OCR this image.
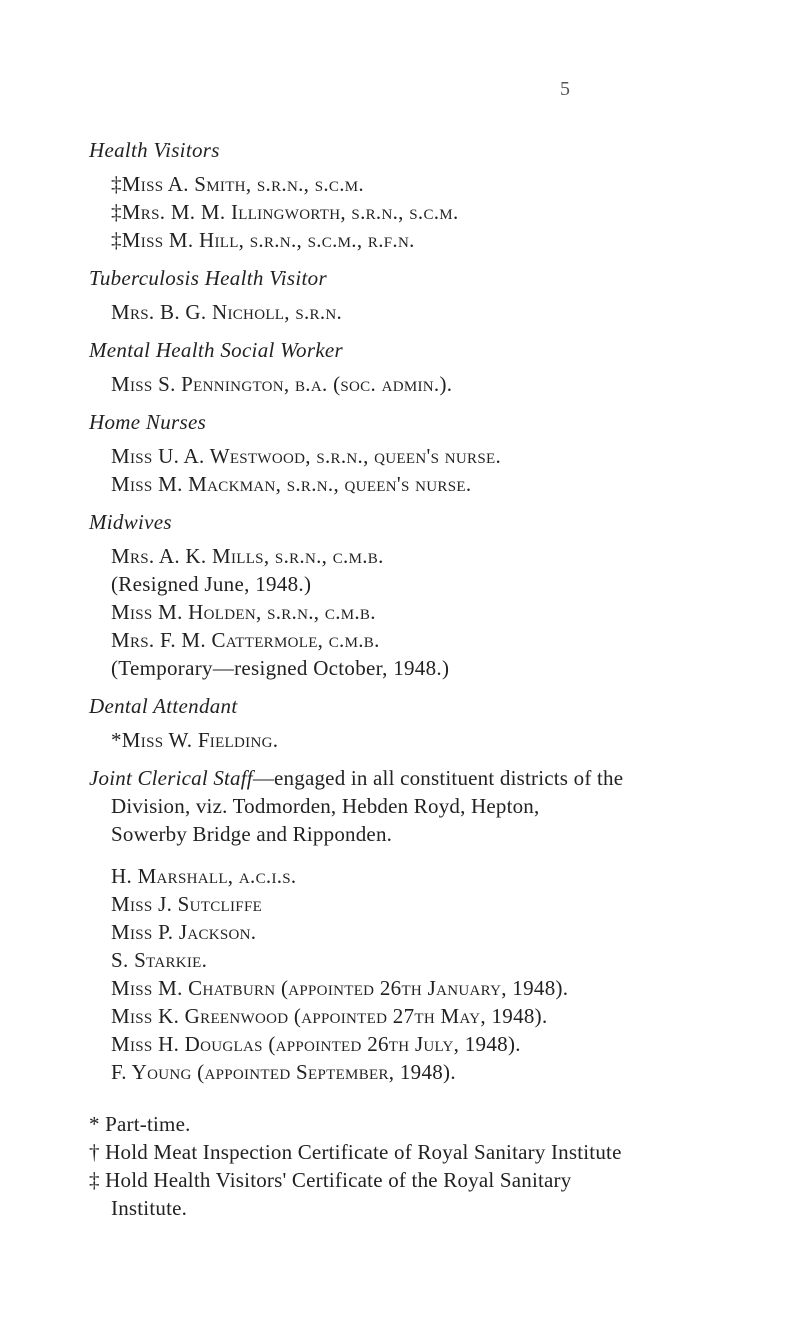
5
Health Visitors
‡Miss A. Smith, s.r.n., s.c.m.
‡Mrs. M. M. Illingworth, s.r.n., s.c.m.
‡Miss M. Hill, s.r.n., s.c.m., r.f.n.
Tuberculosis Health Visitor
Mrs. B. G. Nicholl, s.r.n.
Mental Health Social Worker
Miss S. Pennington, b.a. (soc. admin.).
Home Nurses
Miss U. A. Westwood, s.r.n., queen's nurse.
Miss M. Mackman, s.r.n., queen's nurse.
Midwives
Mrs. A. K. Mills, s.r.n., c.m.b.
(Resigned June, 1948.)
Miss M. Holden, s.r.n., c.m.b.
Mrs. F. M. Cattermole, c.m.b.
(Temporary—resigned October, 1948.)
Dental Attendant
*Miss W. Fielding.
Joint Clerical Staff—engaged in all constituent districts of the
Division, viz. Todmorden, Hebden Royd, Hepton,
Sowerby Bridge and Ripponden.
H. Marshall, a.c.i.s.
Miss J. Sutcliffe
Miss P. Jackson.
S. Starkie.
Miss M. Chatburn (appointed 26th January, 1948).
Miss K. Greenwood (appointed 27th May, 1948).
Miss H. Douglas (appointed 26th July, 1948).
F. Young (appointed September, 1948).
* Part-time.
† Hold Meat Inspection Certificate of Royal Sanitary Institute
‡ Hold Health Visitors' Certificate of the Royal Sanitary
Institute.
